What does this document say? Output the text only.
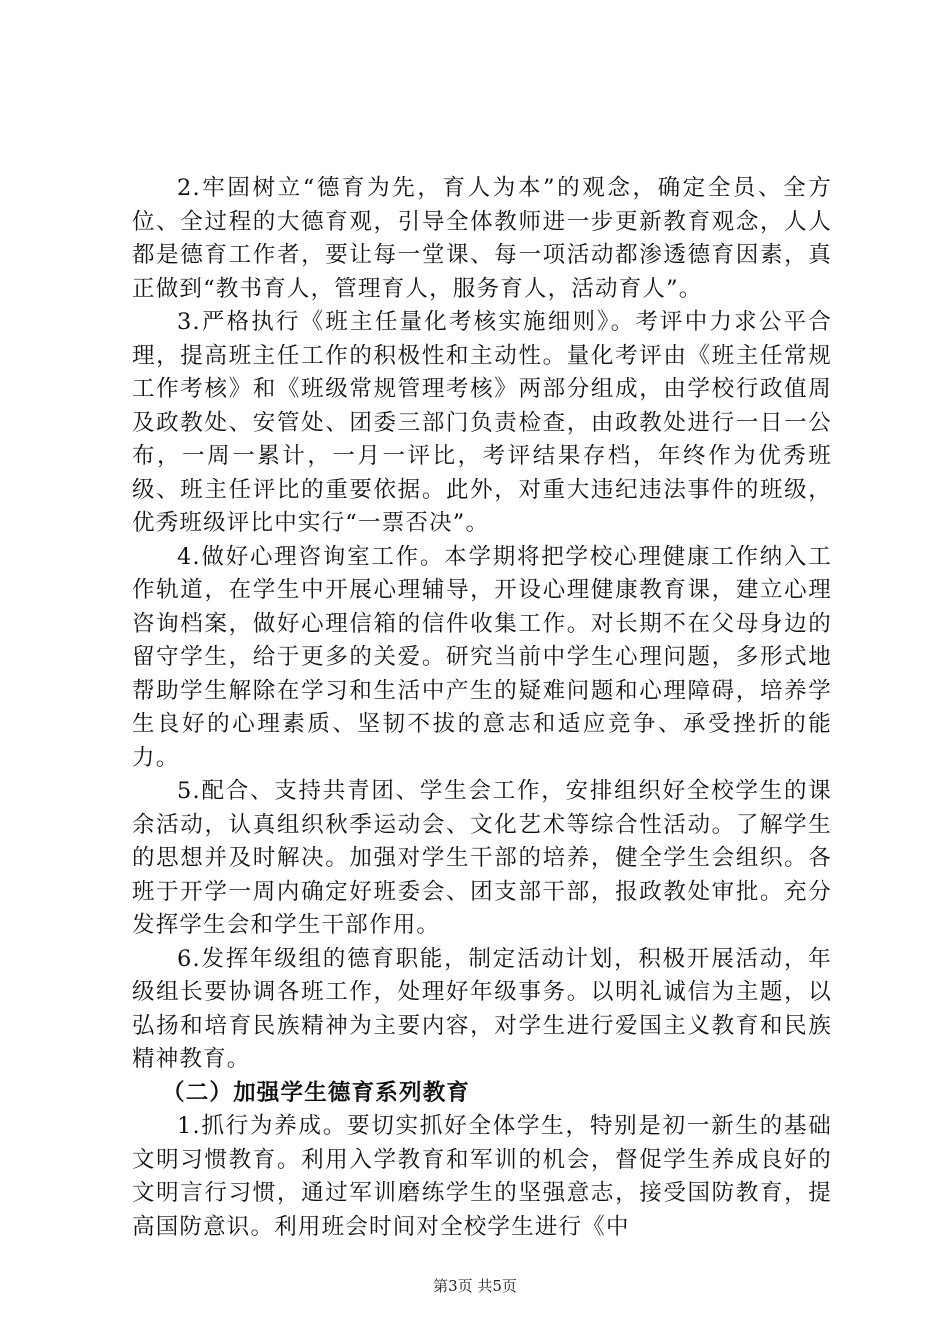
2.牢固树立“德育为先，育人为本”的观念，确定全员、全方位、全过程的大德育观，引导全体教师进一步更新教育观念，人人都是德育工作者，要让每一堂课、每一项活动都渗透德育因素，真正做到“教书育人，管理育人，服务育人，活动育人”。

3.严格执行《班主任量化考核实施细则》。考评中力求公平合理，提高班主任工作的积极性和主动性。量化考评由《班主任常规工作考核》和《班级常规管理考核》两部分组成，由学校行政值周及政教处、安管处、团委三部门负责检查，由政教处进行一日一公布，一周一累计，一月一评比，考评结果存档，年终作为优秀班级、班主任评比的重要依据。此外，对重大违纪违法事件的班级，优秀班级评比中实行“一票否决”。

4.做好心理咨询室工作。本学期将把学校心理健康工作纳入工作轨道，在学生中开展心理辅导，开设心理健康教育课，建立心理咨询档案，做好心理信箱的信件收集工作。对长期不在父母身边的留守学生，给于更多的关爱。研究当前中学生心理问题，多形式地帮助学生解除在学习和生活中产生的疑难问题和心理障碍，培养学生良好的心理素质、坚韧不拔的意志和适应竞争、承受挫折的能力。

5.配合、支持共青团、学生会工作，安排组织好全校学生的课余活动，认真组织秋季运动会、文化艺术等综合性活动。了解学生的思想并及时解决。加强对学生干部的培养，健全学生会组织。各班于开学一周内确定好班委会、团支部干部，报政教处审批。充分发挥学生会和学生干部作用。

6.发挥年级组的德育职能，制定活动计划，积极开展活动，年级组长要协调各班工作，处理好年级事务。以明礼诚信为主题，以弘扬和培育民族精神为主要内容，对学生进行爱国主义教育和民族精神教育。

（二）加强学生德育系列教育

1.抓行为养成。要切实抓好全体学生，特别是初一新生的基础文明习惯教育。利用入学教育和军训的机会，督促学生养成良好的文明言行习惯，通过军训磨练学生的坚强意志，接受国防教育，提高国防意识。利用班会时间对全校学生进行《中

第3页 共5页
